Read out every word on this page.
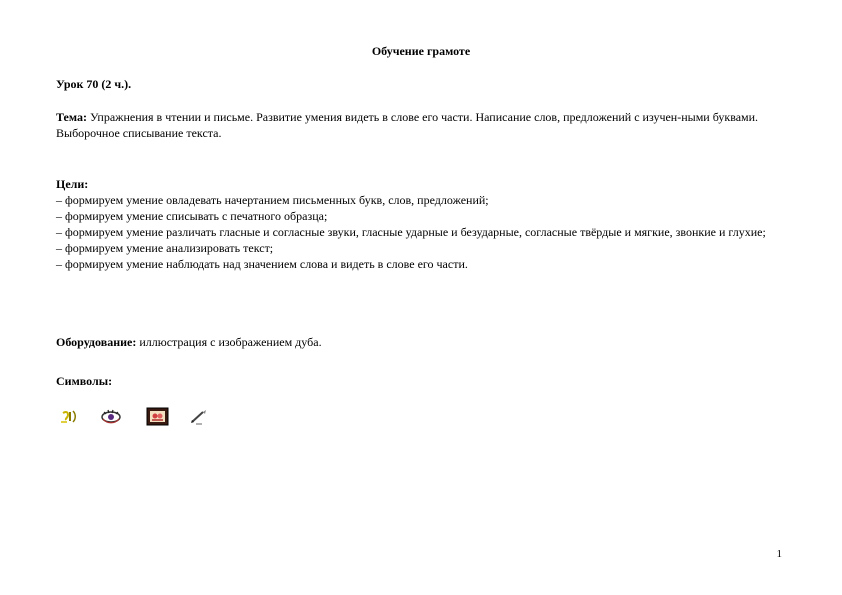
Обучение грамоте
Урок 70 (2 ч.).
Тема: Упражнения в чтении и письме. Развитие умения видеть в слове его части. Написание слов, предложений с изучен-ными буквами. Выборочное списывание текста.
Цели:
– формируем умение овладевать начертанием письменных букв, слов, предложений;
– формируем умение списывать с печатного образца;
– формируем умение различать гласные и согласные звуки, гласные ударные и безударные, согласные твёрдые и мягкие, звонкие и глухие;
– формируем умение анализировать текст;
– формируем умение наблюдать над значением слова и видеть в слове его части.
Оборудование: иллюстрация с изображением дуба.
Символы:
1
